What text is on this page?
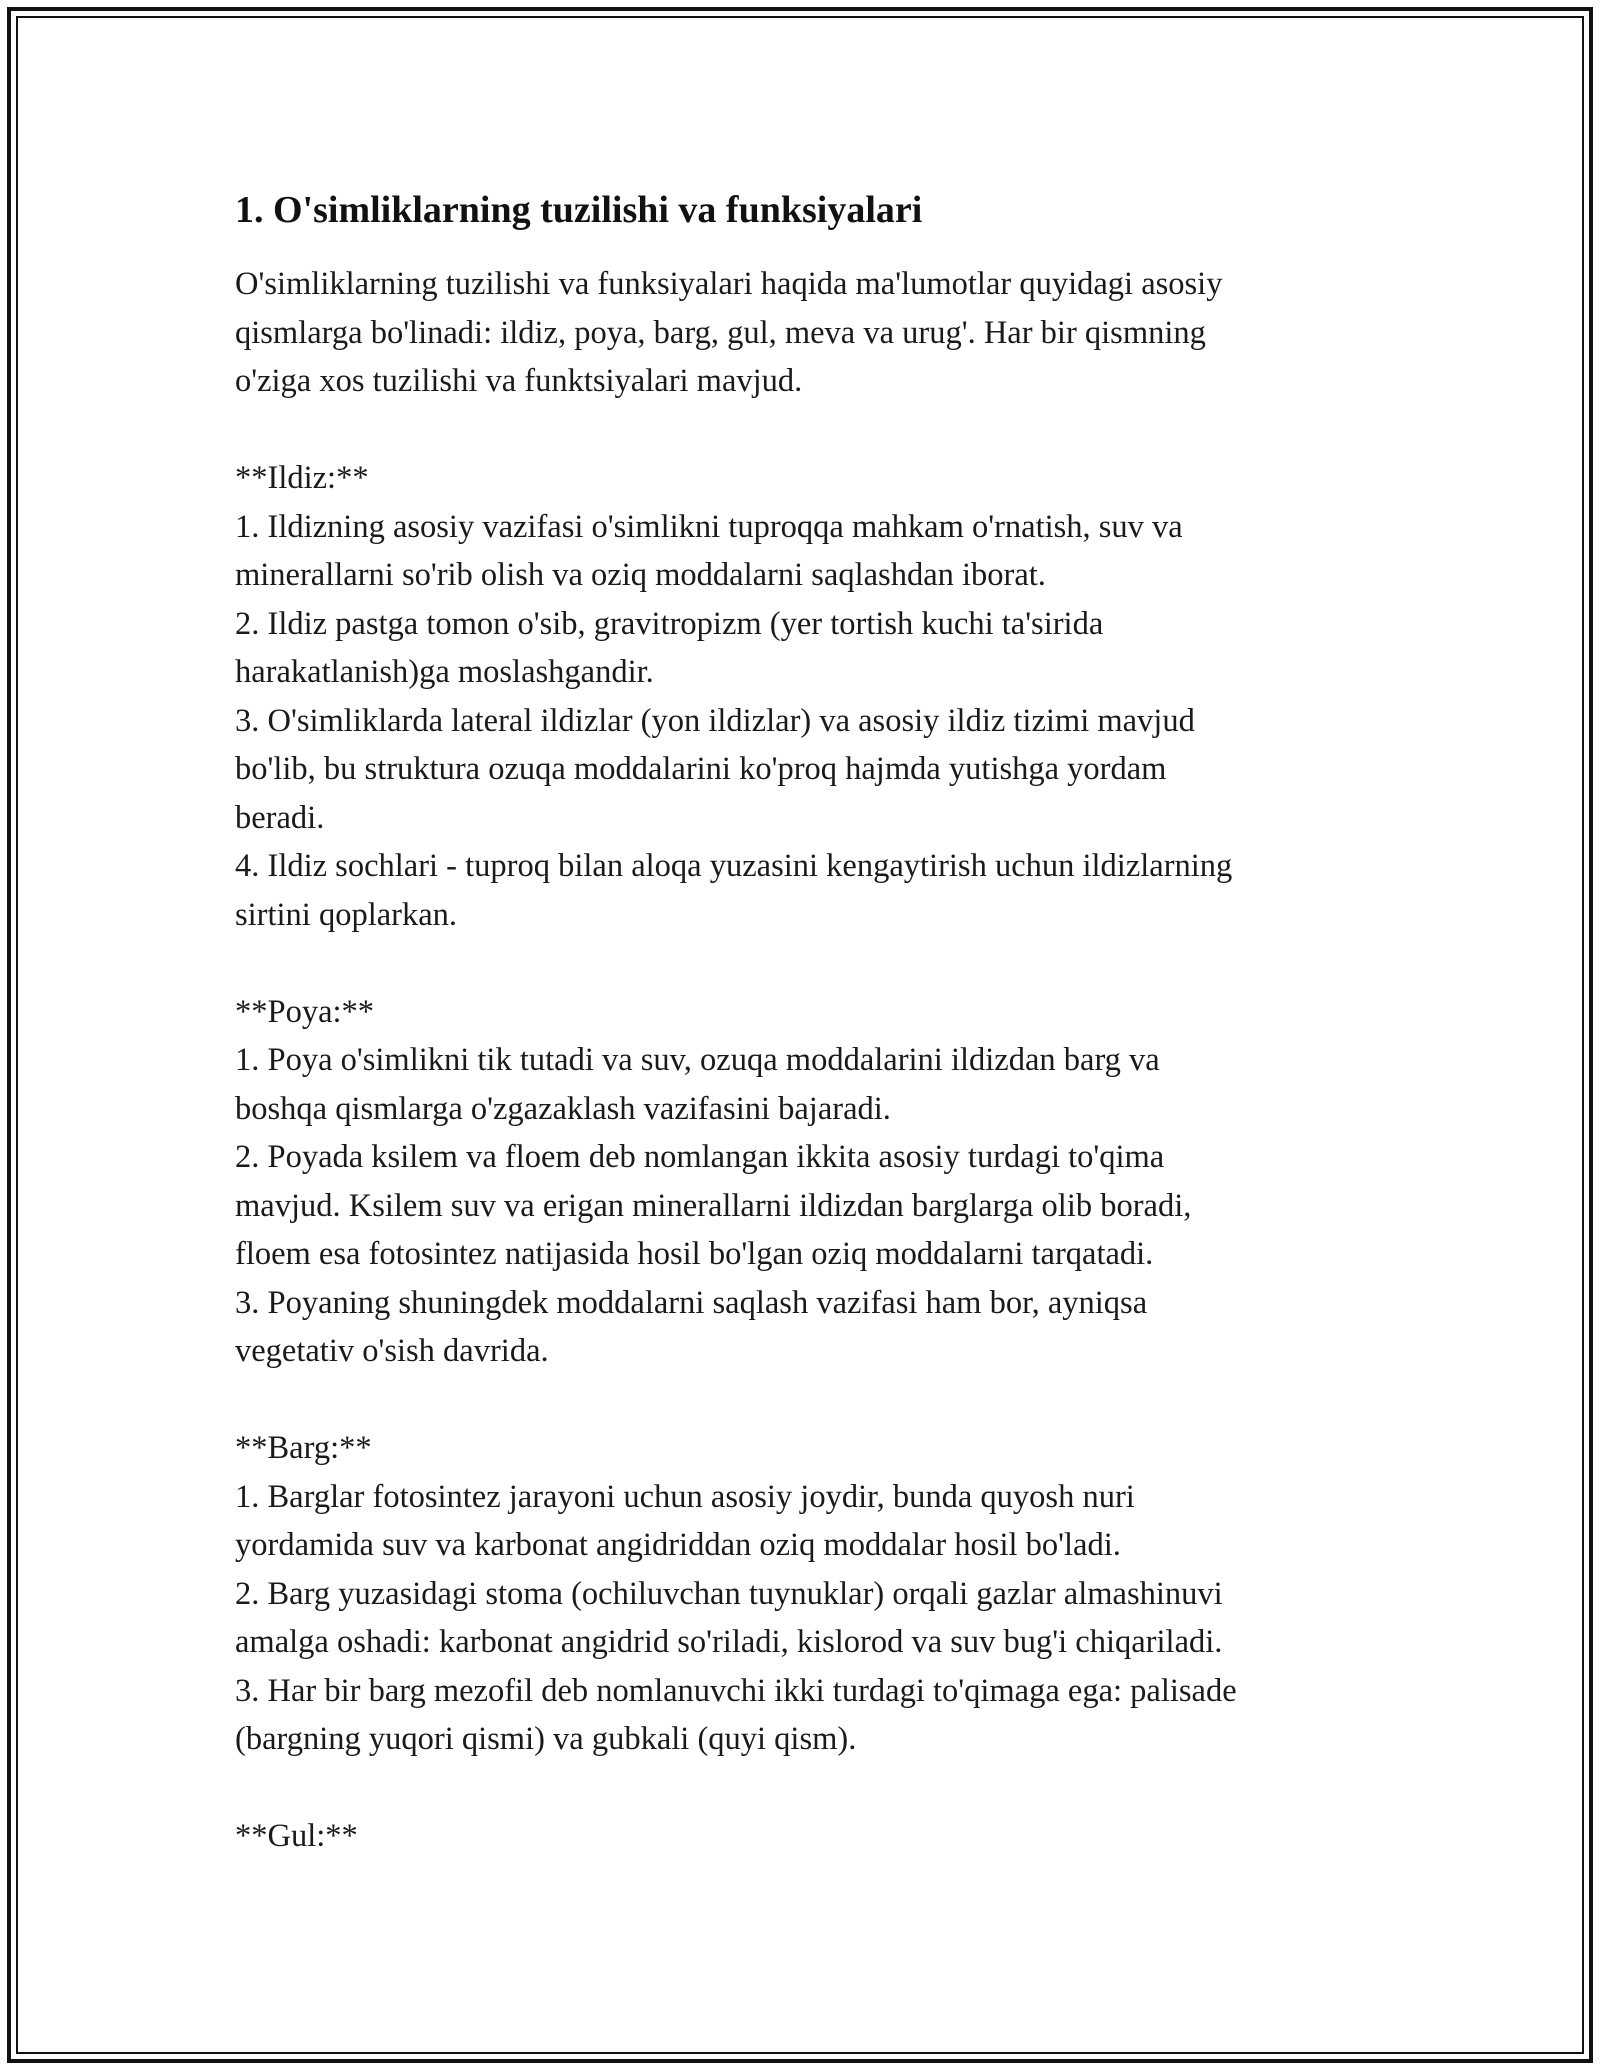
1. O'simliklarning tuzilishi va funksiyalari

O'simliklarning tuzilishi va funksiyalari haqida ma'lumotlar quyidagi asosiy

qismlarga bo'linadi: ildiz, poya, barg, gul, meva va urug'. Har bir qismning

o'ziga xos tuzilishi va funktsiyalari mavjud.

**Ildiz:**

1. Ildizning asosiy vazifasi o'simlikni tuproqqa mahkam o'rnatish, suv va

minerallarni so'rib olish va oziq moddalarni saqlashdan iborat.

2. Ildiz pastga tomon o'sib, gravitropizm (yer tortish kuchi ta'sirida

harakatlanish)ga moslashgandir.

3. O'simliklarda lateral ildizlar (yon ildizlar) va asosiy ildiz tizimi mavjud

bo'lib, bu struktura ozuqa moddalarini ko'proq hajmda yutishga yordam

beradi.

4. Ildiz sochlari - tuproq bilan aloqa yuzasini kengaytirish uchun ildizlarning

sirtini qoplarkan.

**Poya:**

1. Poya o'simlikni tik tutadi va suv, ozuqa moddalarini ildizdan barg va

boshqa qismlarga o'zgazaklash vazifasini bajaradi.

2. Poyada ksilem va floem deb nomlangan ikkita asosiy turdagi to'qima

mavjud. Ksilem suv va erigan minerallarni ildizdan barglarga olib boradi,

floem esa fotosintez natijasida hosil bo'lgan oziq moddalarni tarqatadi.

3. Poyaning shuningdek moddalarni saqlash vazifasi ham bor, ayniqsa

vegetativ o'sish davrida.

**Barg:**

1. Barglar fotosintez jarayoni uchun asosiy joydir, bunda quyosh nuri

yordamida suv va karbonat angidriddan oziq moddalar hosil bo'ladi.

2. Barg yuzasidagi stoma (ochiluvchan tuynuklar) orqali gazlar almashinuvi

amalga oshadi: karbonat angidrid so'riladi, kislorod va suv bug'i chiqariladi.

3. Har bir barg mezofil deb nomlanuvchi ikki turdagi to'qimaga ega: palisade

(bargning yuqori qismi) va gubkali (quyi qism).

**Gul:**
